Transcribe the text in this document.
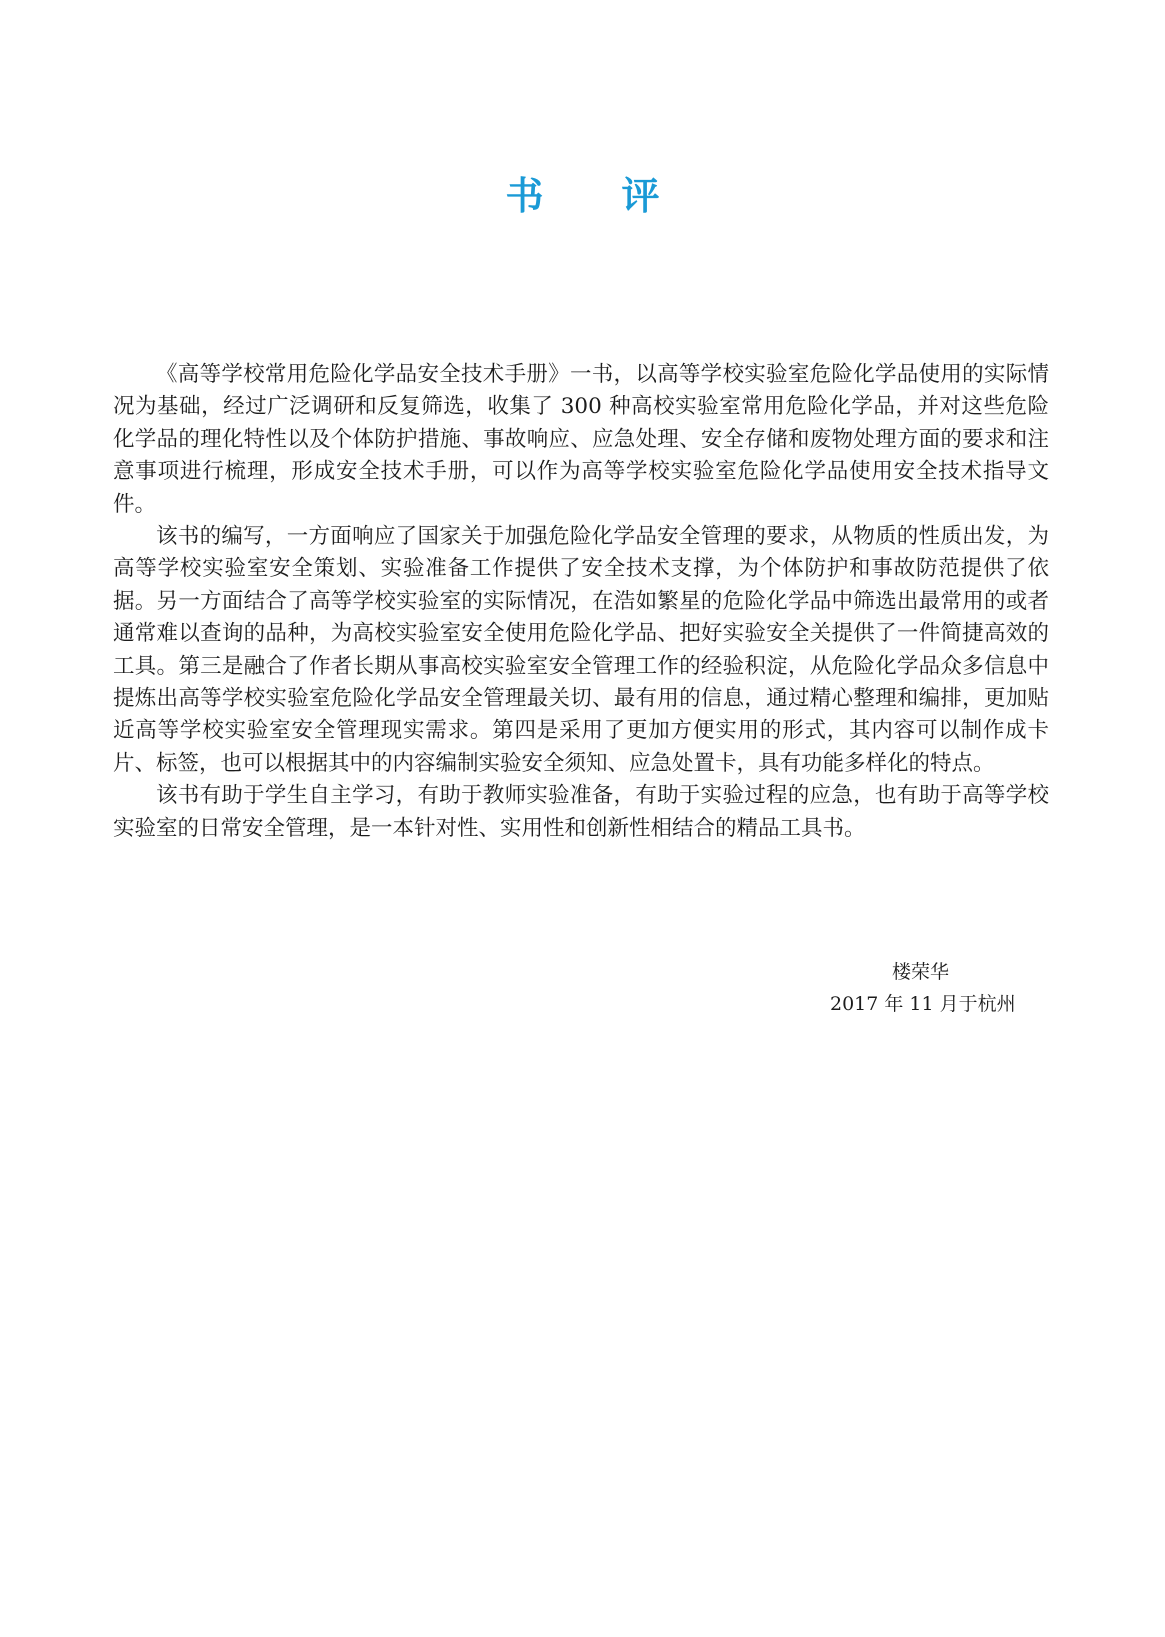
书 评

《高等学校常用危险化学品安全技术手册》一书，以高等学校实验室危险化学品使用的实际情况为基础，经过广泛调研和反复筛选，收集了 300 种高校实验室常用危险化学品，并对这些危险化学品的理化特性以及个体防护措施、事故响应、应急处理、安全存储和废物处理方面的要求和注意事项进行梳理，形成安全技术手册，可以作为高等学校实验室危险化学品使用安全技术指导文件。

该书的编写，一方面响应了国家关于加强危险化学品安全管理的要求，从物质的性质出发，为高等学校实验室安全策划、实验准备工作提供了安全技术支撑，为个体防护和事故防范提供了依据。另一方面结合了高等学校实验室的实际情况，在浩如繁星的危险化学品中筛选出最常用的或者通常难以查询的品种，为高校实验室安全使用危险化学品、把好实验安全关提供了一件简捷高效的工具。第三是融合了作者长期从事高校实验室安全管理工作的经验积淀，从危险化学品众多信息中提炼出高等学校实验室危险化学品安全管理最关切、最有用的信息，通过精心整理和编排，更加贴近高等学校实验室安全管理现实需求。第四是采用了更加方便实用的形式，其内容可以制作成卡片、标签，也可以根据其中的内容编制实验安全须知、应急处置卡，具有功能多样化的特点。

该书有助于学生自主学习，有助于教师实验准备，有助于实验过程的应急，也有助于高等学校实验室的日常安全管理，是一本针对性、实用性和创新性相结合的精品工具书。

楼荣华
2017 年 11 月于杭州
